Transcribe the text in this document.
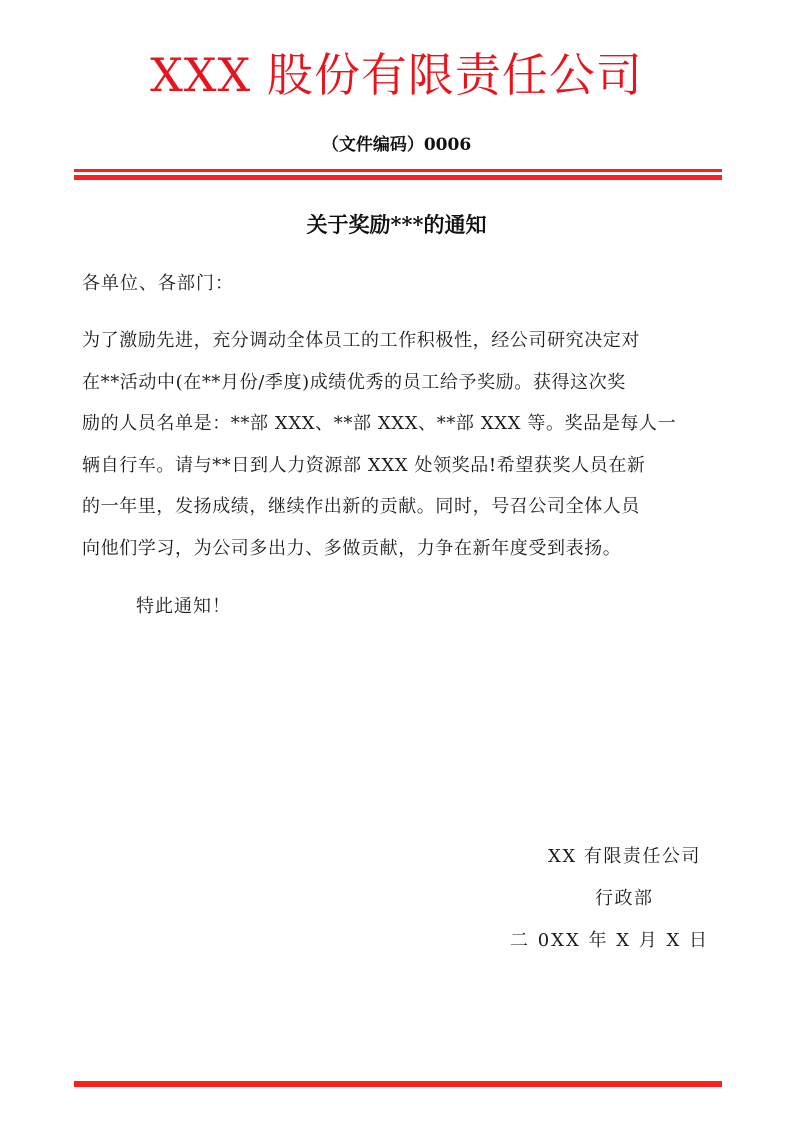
XXX 股份有限责任公司
（文件编码）0006
关于奖励***的通知
各单位、各部门：
为了激励先进，充分调动全体员工的工作积极性，经公司研究决定对
在**活动中(在**月份/季度)成绩优秀的员工给予奖励。获得这次奖
励的人员名单是：**部 XXX、**部 XXX、**部 XXX 等。奖品是每人一
辆自行车。请与**日到人力资源部 XXX 处领奖品!希望获奖人员在新
的一年里，发扬成绩，继续作出新的贡献。同时，号召公司全体人员
向他们学习，为公司多出力、多做贡献，力争在新年度受到表扬。
特此通知！
XX 有限责任公司
行政部
二 0XX 年 X 月 X 日
